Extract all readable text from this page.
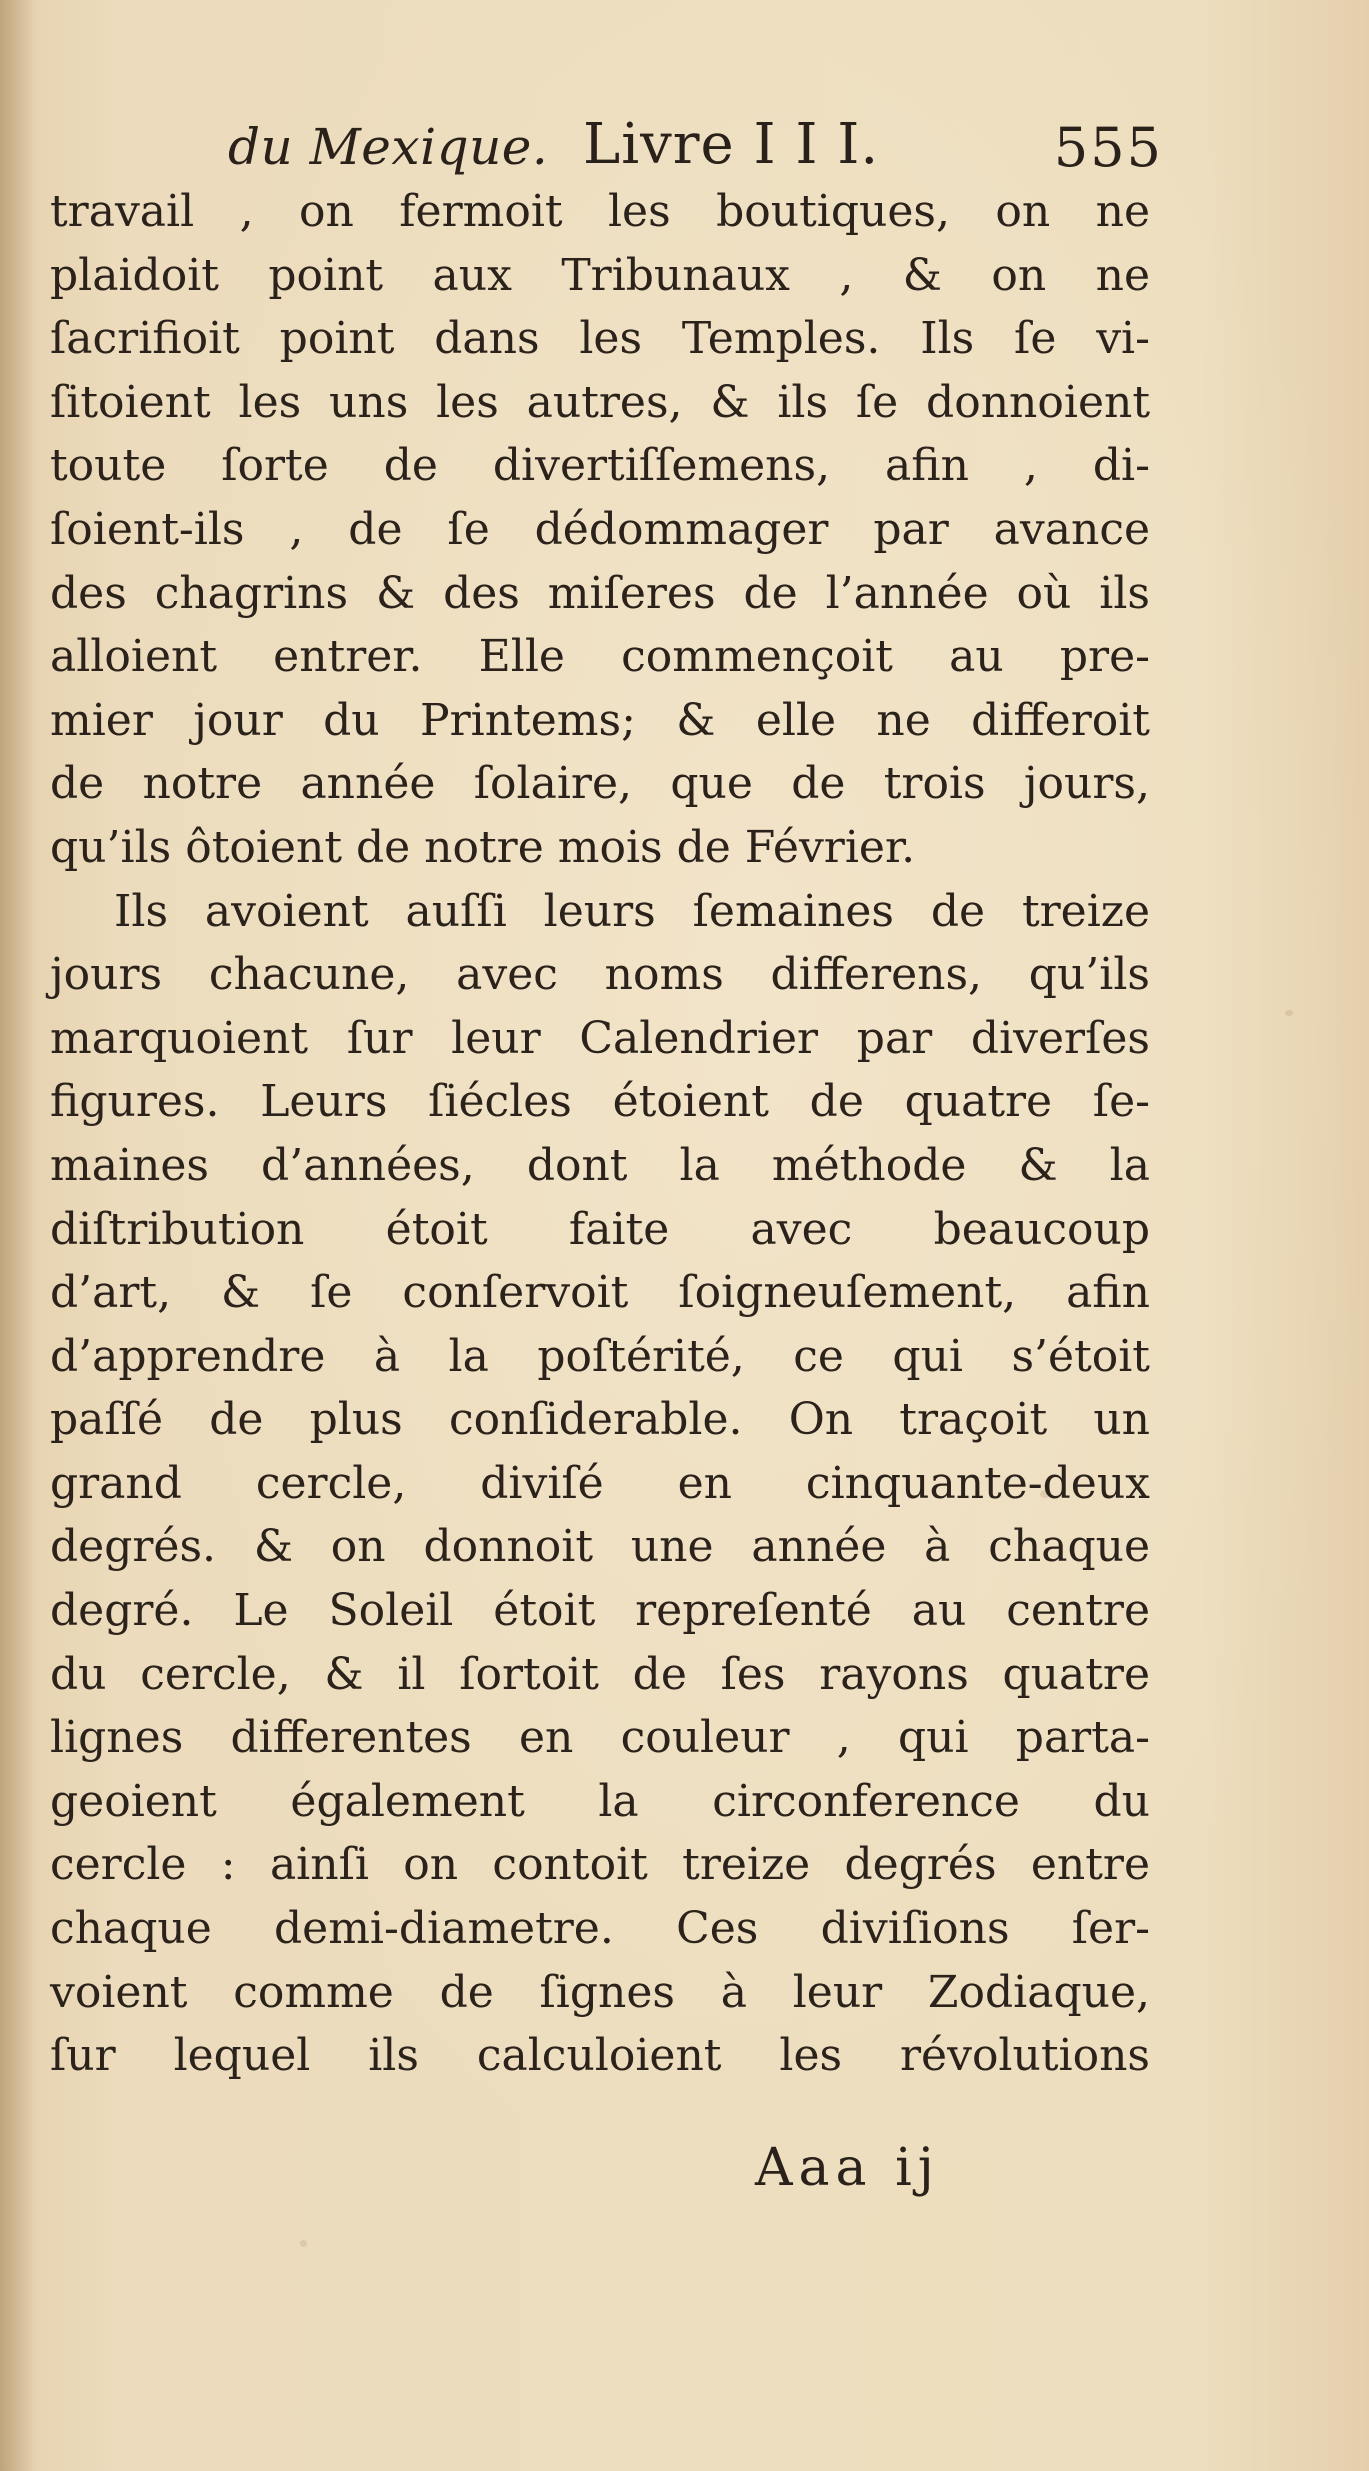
du Mexique. Livre I I I.	555
travail , on fermoit les boutiques, on ne
plaidoit point aux Tribunaux , & on ne
ſacrifioit point dans les Temples. Ils ſe vi-
ſitoient les uns les autres, & ils ſe donnoient
toute ſorte de divertiſſemens, afin , di-
ſoient-ils , de ſe dédommager par avance
des chagrins & des miſeres de l’année où ils
alloient entrer. Elle commençoit au pre-
mier jour du Printems; & elle ne differoit
de notre année ſolaire, que de trois jours,
qu’ils ôtoient de notre mois de Février.
Ils avoient auſſi leurs ſemaines de treize
jours chacune, avec noms differens, qu’ils
marquoient ſur leur Calendrier par diverſes
figures. Leurs ſiécles étoient de quatre ſe-
maines d’années, dont la méthode & la
diſtribution étoit faite avec beaucoup
d’art, & ſe conſervoit ſoigneuſement, afin
d’apprendre à la poſtérité, ce qui s’étoit
paſſé de plus conſiderable. On traçoit un
grand cercle, diviſé en cinquante-deux
degrés. & on donnoit une année à chaque
degré. Le Soleil étoit repreſenté au centre
du cercle, & il ſortoit de ſes rayons quatre
lignes differentes en couleur , qui parta-
geoient également la circonference du
cercle : ainſi on contoit treize degrés entre
chaque demi-diametre. Ces diviſions ſer-
voient comme de ſignes à leur Zodiaque,
ſur lequel ils calculoient les révolutions
Aaa ij
